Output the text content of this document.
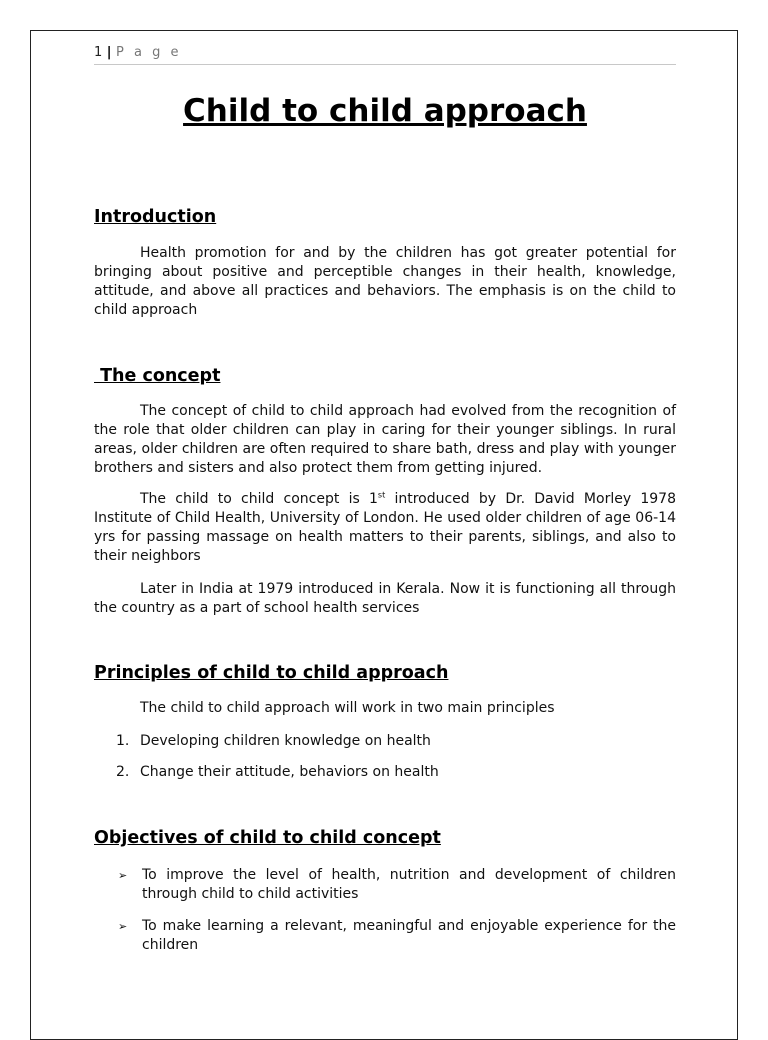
1 | P a g e
Child to child approach
Introduction

Health promotion for and by the children has got greater potential for bringing about positive and perceptible changes in their health, knowledge, attitude, and above all practices and behaviors. The emphasis is on the child to child approach

The concept

The concept of child to child approach had evolved from the recognition of the role that older children can play in caring for their younger siblings. In rural areas, older children are often required to share bath, dress and play with younger brothers and sisters and also protect them from getting injured.

The child to child concept is 1st introduced by Dr. David Morley 1978 Institute of Child Health, University of London. He used older children of age 06-14 yrs for passing massage on health matters to their parents, siblings, and also to their neighbors

Later in India at 1979 introduced in Kerala. Now it is functioning all through the country as a part of school health services

Principles of child to child approach

The child to child approach will work in two main principles

1. Developing children knowledge on health
2. Change their attitude, behaviors on health
Objectives of child to child concept
➢ To improve the level of health, nutrition and development of children through child to child activities
➢ To make learning a relevant, meaningful and enjoyable experience for the children
